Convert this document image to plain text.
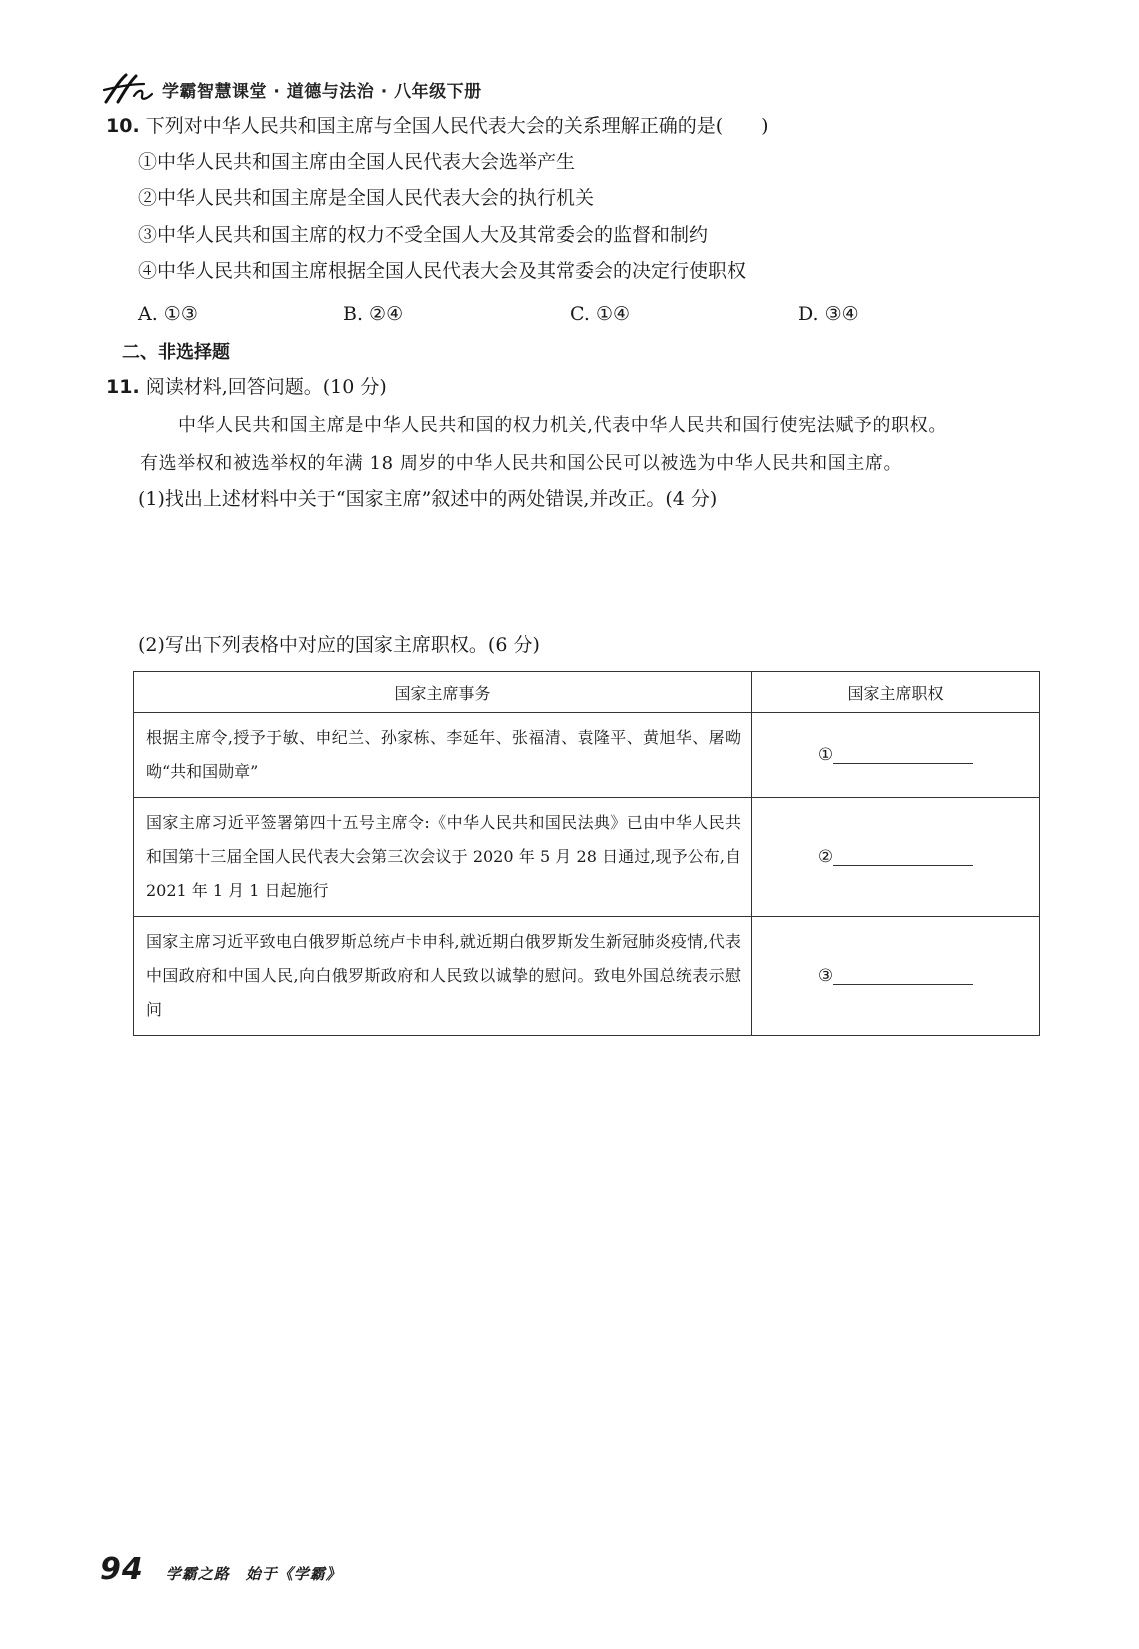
学霸智慧课堂 · 道德与法治 · 八年级下册
10. 下列对中华人民共和国主席与全国人民代表大会的关系理解正确的是(　　)
①中华人民共和国主席由全国人民代表大会选举产生
②中华人民共和国主席是全国人民代表大会的执行机关
③中华人民共和国主席的权力不受全国人大及其常委会的监督和制约
④中华人民共和国主席根据全国人民代表大会及其常委会的决定行使职权
A. ①③	B. ②④	C. ①④	D. ③④
二、非选择题
11. 阅读材料,回答问题。(10 分)
中华人民共和国主席是中华人民共和国的权力机关,代表中华人民共和国行使宪法赋予的职权。
有选举权和被选举权的年满 18 周岁的中华人民共和国公民可以被选为中华人民共和国主席。
(1)找出上述材料中关于“国家主席”叙述中的两处错误,并改正。(4 分)
(2)写出下列表格中对应的国家主席职权。(6 分)
国家主席事务	国家主席职权
根据主席令,授予于敏、申纪兰、孙家栋、李延年、张福清、袁隆平、黄旭华、屠呦呦“共和国勋章”	①
国家主席习近平签署第四十五号主席令:《中华人民共和国民法典》已由中华人民共和国第十三届全国人民代表大会第三次会议于 2020 年 5 月 28 日通过,现予公布,自 2021 年 1 月 1 日起施行	②
国家主席习近平致电白俄罗斯总统卢卡申科,就近期白俄罗斯发生新冠肺炎疫情,代表中国政府和中国人民,向白俄罗斯政府和人民致以诚挚的慰问。致电外国总统表示慰问	③
94 学霸之路　始于《学霸》
